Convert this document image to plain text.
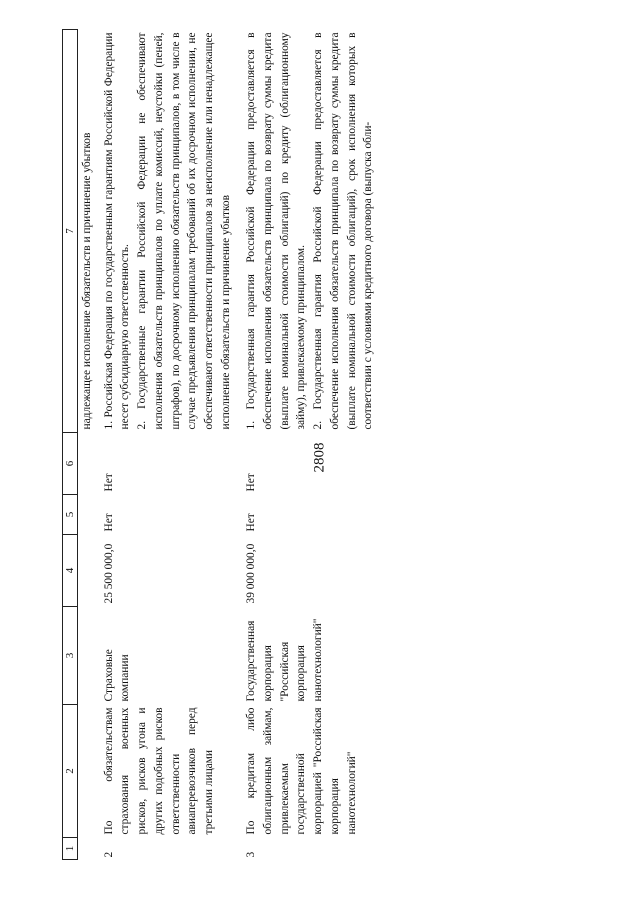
2808
1	2	3	4	5	6	7
						надлежащее исполнение обязательств и причинение убытков
2	По обязательствам страхования военных рисков, рисков угона и других подобных рисков ответственности авиаперевозчиков перед третьими лицами	Страховые компании	25 500 000,0	Нет	Нет	1. Российская Федерация по государственным гарантиям Российской Федерации несет субсидиарную ответственность.
2. Государственные гарантии Российской Федерации не обеспечивают исполнения обязательств принципалов по уплате комиссий, неустойки (пеней, штрафов), по досрочному исполнению обязательств принципалов, в том числе в случае предъявления принципалам требований об их досрочном исполнении, не обеспечивают ответственности принципалов за неисполнение или ненадлежащее исполнение обязательств и причинение убытков
3	По кредитам либо облигационным займам, привлекаемым государственной корпорацией "Российская корпорация нанотехнологий"	Государственная корпорация "Российская корпорация нанотехнологий"	39 000 000,0	Нет	Нет	1. Государственная гарантия Российской Федерации предоставляется в обеспечение исполнения обязательств принципала по возврату суммы кредита (выплате номинальной стоимости облигаций) по кредиту (облигационному займу), привлекаемому принципалом.
2. Государственная гарантия Российской Федерации предоставляется в обеспечение исполнения обязательств принципала по возврату суммы кредита (выплате номинальной стоимости облигаций), срок исполнения которых в соответствии с условиями кредитного договора (выпуска обли-
